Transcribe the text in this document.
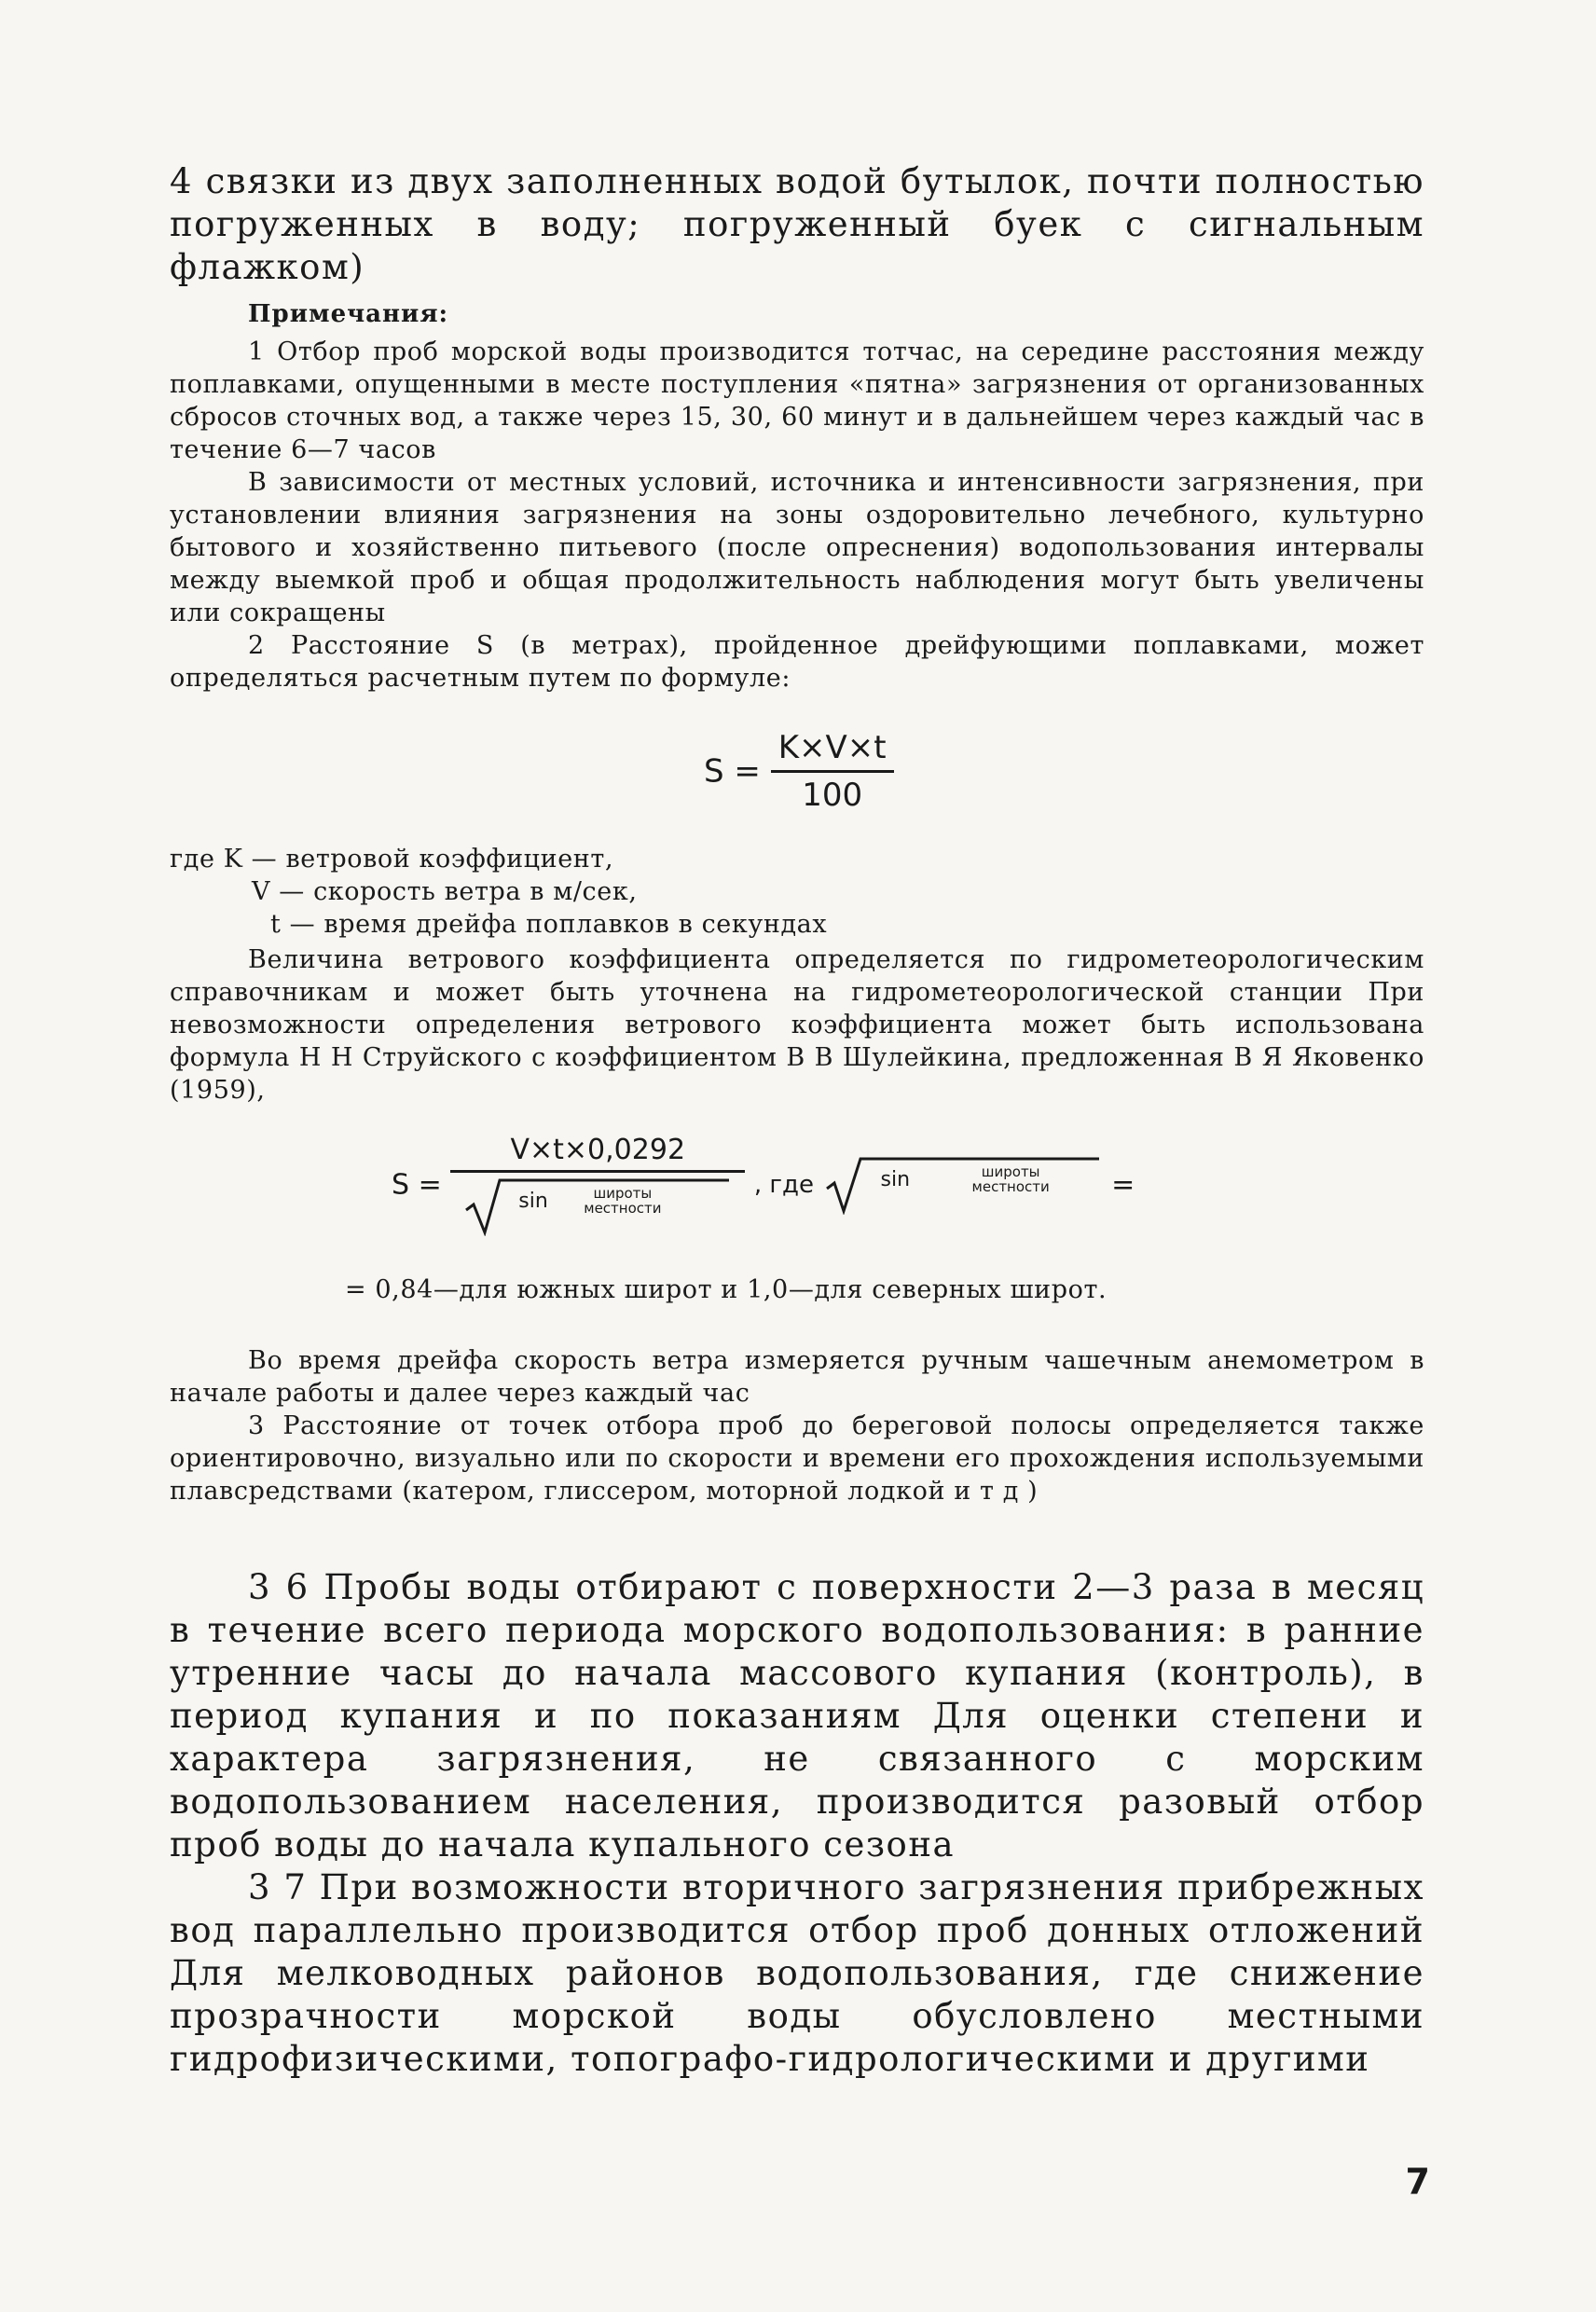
4 связки из двух заполненных водой бутылок, почти полностью погруженных в воду; погруженный буек с сигнальным флажком)

Примечания:

1 Отбор проб морской воды производится тотчас, на середине расстояния между поплавками, опущенными в месте поступления «пятна» загрязнения от организованных сбросов сточных вод, а также через 15, 30, 60 минут и в дальнейшем через каждый час в течение 6—7 часов

В зависимости от местных условий, источника и интенсивности загрязнения, при установлении влияния загрязнения на зоны оздоровительно лечебного, культурно бытового и хозяйственно питьевого (после опреснения) водопользования интервалы между выемкой проб и общая продолжительность наблюдения могут быть увеличены или сокращены

2 Расстояние S (в метрах), пройденное дрейфующими поплавками, может определяться расчетным путем по формуле:

$S = \frac{K\times V\times t}{100}$
где K — ветровой коэффициент,
V — скорость ветра в м/сек,
t — время дрейфа поплавков в секундах

Величина ветрового коэффициента определяется по гидрометеорологическим справочникам и может быть уточнена на гидрометеорологической станции При невозможности определения ветрового коэффициента может быть использована формула Н Н Струйского с коэффициентом В В Шулейкина, предложенная В Я Яковенко (1959),

S =
V×t×0,0292
sin	широты
местности
, где	sin	широты
местности =
= 0,84—для южных широт и 1,0—для северных широт.

Во время дрейфа скорость ветра измеряется ручным чашечным анемометром в начале работы и далее через каждый час

3 Расстояние от точек отбора проб до береговой полосы определяется также ориентировочно, визуально или по скорости и времени его прохождения используемыми плавсредствами (катером, глиссером, моторной лодкой и т д )

3 6 Пробы воды отбирают с поверхности 2—3 раза в месяц в течение всего периода морского водопользования: в ранние утренние часы до начала массового купания (контроль), в период купания и по показаниям Для оценки степени и характера загрязнения, не связанного с морским водопользованием населения, производится разовый отбор проб воды до начала купального сезона

3 7 При возможности вторичного загрязнения прибрежных вод параллельно производится отбор проб донных отложений Для мелководных районов водопользования, где снижение прозрачности морской воды обусловлено местными гидрофизическими, топографо-гидрологическими и другими

7
